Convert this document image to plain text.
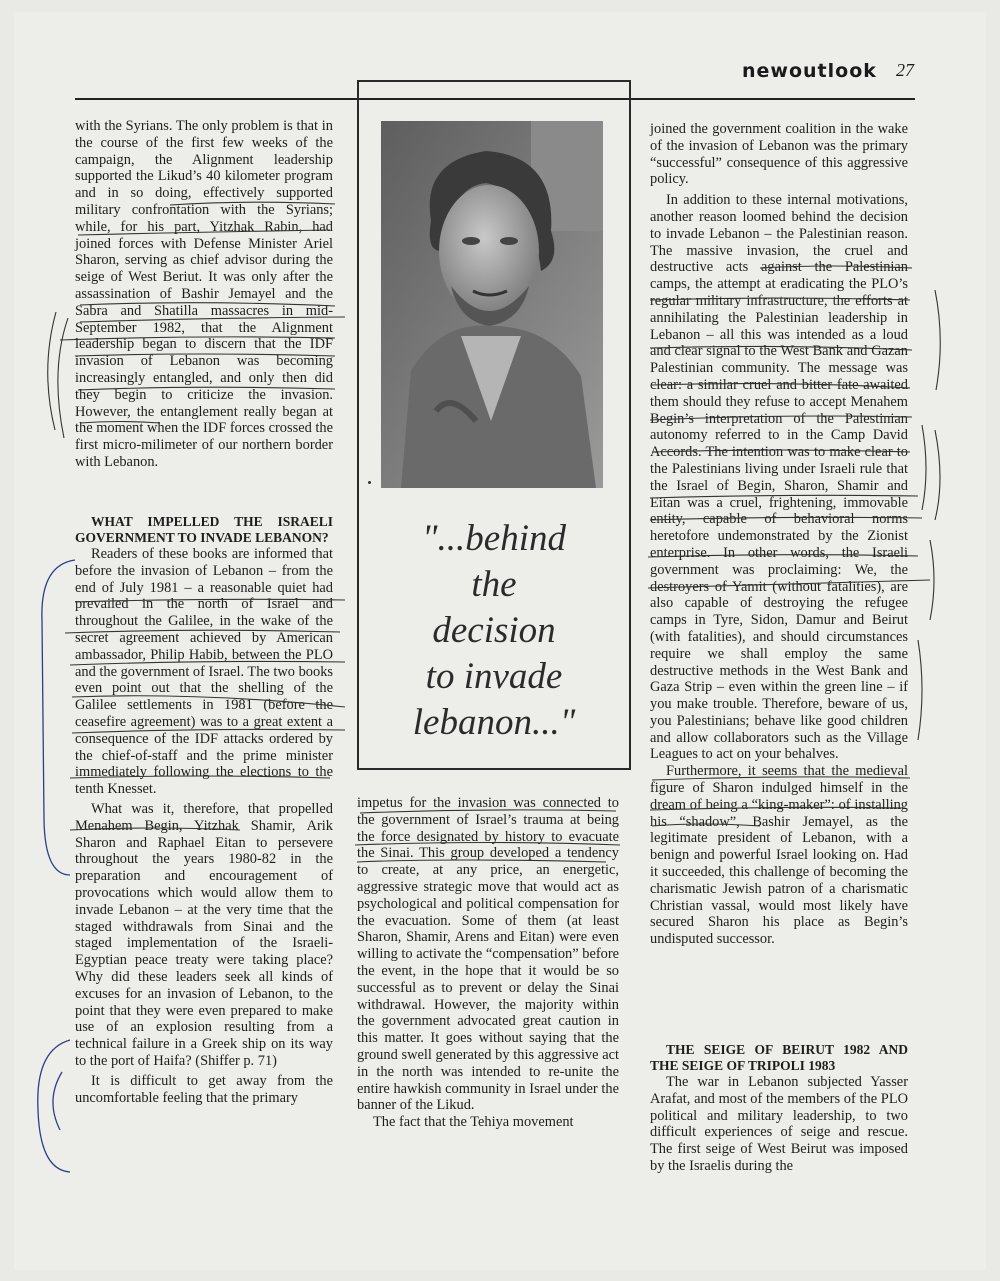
newoutlook 27

with the Syrians. The only problem is that in the course of the first few weeks of the campaign, the Alignment leadership supported the Likud’s 40 kilometer program and in so doing, effectively supported military confrontation with the Syrians; while, for his part, Yitzhak Rabin, had joined forces with Defense Minister Ariel Sharon, serving as chief advisor during the seige of West Beriut. It was only after the assassination of Bashir Jemayel and the Sabra and Shatilla massacres in mid-September 1982, that the Alignment leadership began to discern that the IDF invasion of Lebanon was becoming increasingly entangled, and only then did they begin to criticize the invasion. However, the entanglement really began at the moment when the IDF forces crossed the first micro-milimeter of our northern border with Lebanon.

WHAT IMPELLED THE ISRAELI GOVERNMENT TO INVADE LEBANON?

Readers of these books are informed that before the invasion of Lebanon – from the end of July 1981 – a reasonable quiet had prevailed in the north of Israel and throughout the Galilee, in the wake of the secret agreement achieved by American ambassador, Philip Habib, between the PLO and the government of Israel. The two books even point out that the shelling of the Galilee settlements in 1981 (before the ceasefire agreement) was to a great extent a consequence of the IDF attacks ordered by the chief-of-staff and the prime minister immediately following the elections to the tenth Knesset.

What was it, therefore, that propelled Menahem Begin, Yitzhak Shamir, Arik Sharon and Raphael Eitan to persevere throughout the years 1980-82 in the preparation and encouragement of provocations which would allow them to invade Lebanon – at the very time that the staged withdrawals from Sinai and the staged implementation of the Israeli-Egyptian peace treaty were taking place? Why did these leaders seek all kinds of excuses for an invasion of Lebanon, to the point that they were even prepared to make use of an explosion resulting from a technical failure in a Greek ship on its way to the port of Haifa? (Shiffer p. 71)

It is difficult to get away from the uncomfortable feeling that the primary

"...behind
the
decision
to invade
lebanon..."

impetus for the invasion was connected to the government of Israel’s trauma at being the force designated by history to evacuate the Sinai. This group developed a tendency to create, at any price, an energetic, aggressive strategic move that would act as psychological and political compensation for the evacuation. Some of them (at least Sharon, Shamir, Arens and Eitan) were even willing to activate the “compensation” before the event, in the hope that it would be so successful as to prevent or delay the Sinai withdrawal. However, the majority within the government advocated great caution in this matter. It goes without saying that the ground swell generated by this aggressive act in the north was intended to re-unite the entire hawkish community in Israel under the banner of the Likud.

The fact that the Tehiya movement

joined the government coalition in the wake of the invasion of Lebanon was the primary “successful” consequence of this aggressive policy.

In addition to these internal motivations, another reason loomed behind the decision to invade Lebanon – the Palestinian reason. The massive invasion, the cruel and destructive acts against the Palestinian camps, the attempt at eradicating the PLO’s regular military infrastructure, the efforts at annihilating the Palestinian leadership in Lebanon – all this was intended as a loud and clear signal to the West Bank and Gazan Palestinian community. The message was clear: a similar cruel and bitter fate awaited them should they refuse to accept Menahem Begin’s interpretation of the Palestinian autonomy referred to in the Camp David Accords. The intention was to make clear to the Palestinians living under Israeli rule that the Israel of Begin, Sharon, Shamir and Eitan was a cruel, frightening, immovable entity, capable of behavioral norms heretofore undemonstrated by the Zionist enterprise. In other words, the Israeli government was proclaiming: We, the destroyers of Yamit (without fatalities), are also capable of destroying the refugee camps in Tyre, Sidon, Damur and Beirut (with fatalities), and should circumstances require we shall employ the same destructive methods in the West Bank and Gaza Strip – even within the green line – if you make trouble. Therefore, beware of us, you Palestinians; behave like good children and allow collaborators such as the Village Leagues to act on your behalves.

Furthermore, it seems that the medieval figure of Sharon indulged himself in the dream of being a “king-maker”: of installing his “shadow”, Bashir Jemayel, as the legitimate president of Lebanon, with a benign and powerful Israel looking on. Had it succeeded, this challenge of becoming the charismatic Jewish patron of a charismatic Christian vassal, would most likely have secured Sharon his place as Begin’s undisputed successor.

THE SEIGE OF BEIRUT 1982 AND THE SEIGE OF TRIPOLI 1983

The war in Lebanon subjected Yasser Arafat, and most of the members of the PLO political and military leadership, to two difficult experiences of seige and rescue. The first seige of West Beirut was imposed by the Israelis during the
